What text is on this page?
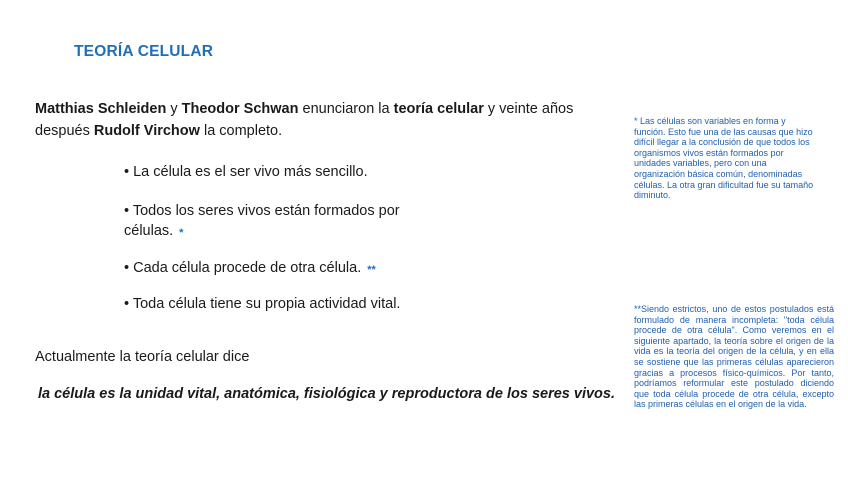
TEORÍA CELULAR
Matthias Schleiden y Theodor Schwan enunciaron la teoría celular y veinte años después Rudolf Virchow la completo.
• La célula es el ser vivo más sencillo.
• Todos los seres vivos están formados por
células. *
• Cada célula procede de otra célula. **
• Toda célula tiene su propia actividad vital.
Actualmente la teoría celular dice
la célula es la unidad vital, anatómica, fisiológica y reproductora de los seres vivos.
* Las células son variables en forma y función. Esto fue una de las causas que hizo difícil llegar a la conclusión de que todos los organismos vivos están formados por unidades variables, pero con una organización básica común, denominadas células. La otra gran dificultad fue su tamaño diminuto.
**Siendo estrictos, uno de estos postulados está formulado de manera incompleta: "toda célula procede de otra célula". Como veremos en el siguiente apartado, la teoría sobre el origen de la vida es la teoría del origen de la célula, y en ella se sostiene que las primeras células aparecieron gracias a procesos físico-químicos. Por tanto, podríamos reformular este postulado diciendo que toda célula procede de otra célula, excepto las primeras células en el origen de la vida.
